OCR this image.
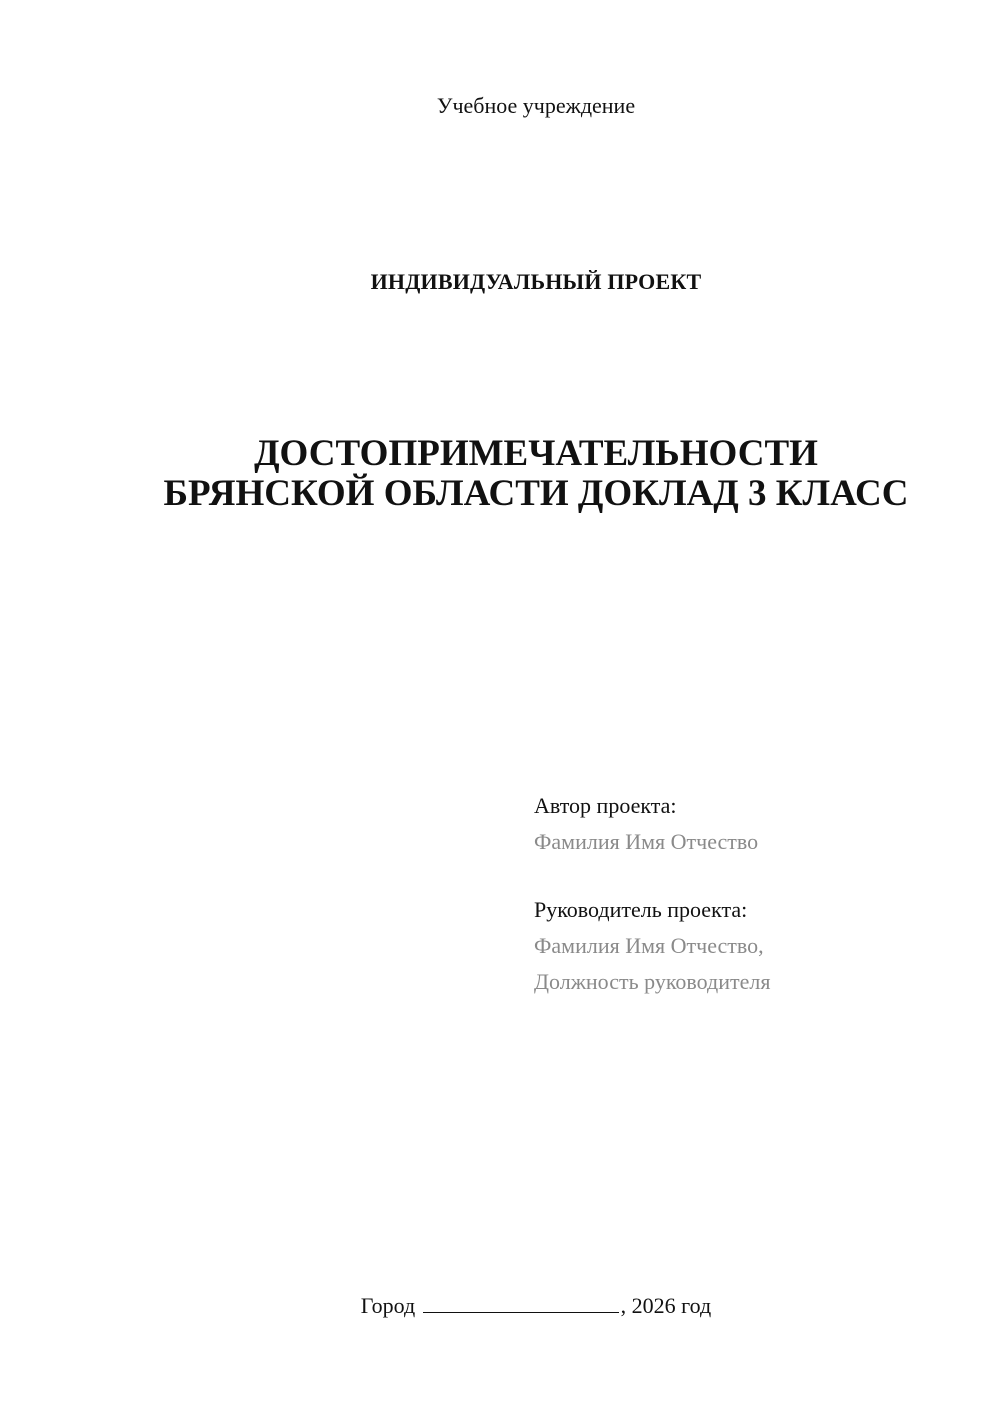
Учебное учреждение
ИНДИВИДУАЛЬНЫЙ ПРОЕКТ
ДОСТОПРИМЕЧАТЕЛЬНОСТИ
БРЯНСКОЙ ОБЛАСТИ ДОКЛАД 3 КЛАСС
Автор проекта:
Фамилия Имя Отчество
Руководитель проекта:
Фамилия Имя Отчество,
Должность руководителя
Город	, 2026 год
